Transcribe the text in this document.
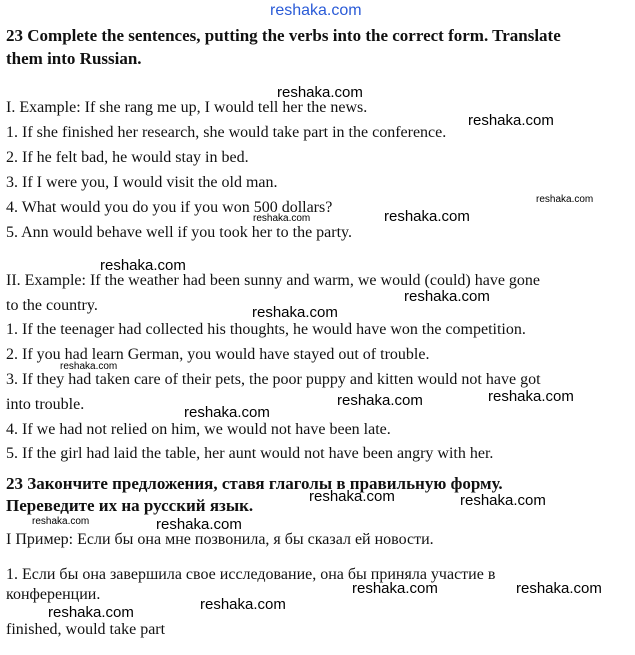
reshaka.com
23 Complete the sentences, putting the verbs into the correct form. Translate
them into Russian.
I. Example: If she rang me up, I would tell her the news.
1. If she finished her research, she would take part in the conference.
2. If he felt bad, he would stay in bed.
3. If I were you, I would visit the old man.
4. What would you do you if you won 500 dollars?
5. Ann would behave well if you took her to the party.
II. Example: If the weather had been sunny and warm, we would (could) have gone
to the country.
1. If the teenager had collected his thoughts, he would have won the competition.
2. If you had learn German, you would have stayed out of trouble.
3. If they had taken care of their pets, the poor puppy and kitten would not have got
into trouble.
4. If we had not relied on him, we would not have been late.
5. If the girl had laid the table, her aunt would not have been angry with her.
23 Закончите предложения, ставя глаголы в правильную форму.
Переведите их на русский язык.
I Пример: Если бы она мне позвонила, я бы сказал ей новости.
1. Если бы она завершила свое исследование, она бы приняла участие в
конференции.
finished, would take part
reshaka.com
reshaka.com
reshaka.com
reshaka.com	reshaka.com
reshaka.com
reshaka.com
reshaka.com
reshaka.com
reshaka.com	reshaka.com
reshaka.com
reshaka.com	reshaka.com
reshaka.com	reshaka.com
reshaka.com	reshaka.com
reshaka.com
reshaka.com
